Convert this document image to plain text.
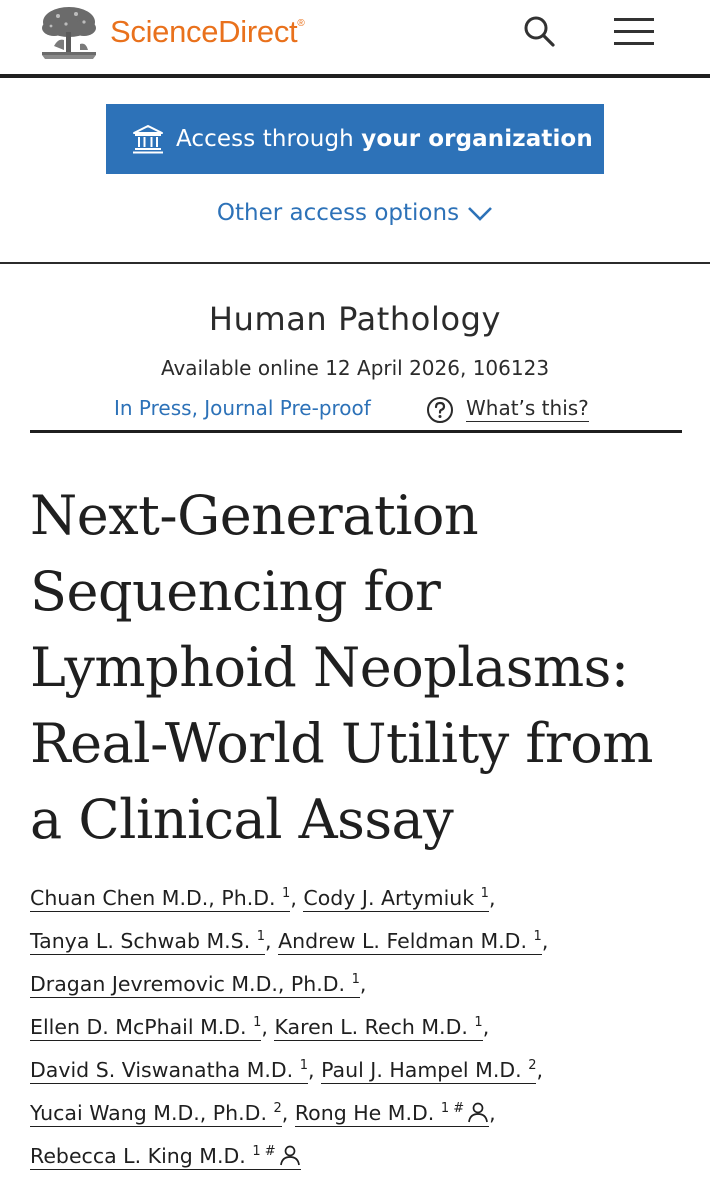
ScienceDirect®
Access through your organization
Other access options
Human Pathology
Available online 12 April 2026, 106123
In Press, Journal Pre-proof	What’s this?
Next-Generation
Sequencing for
Lymphoid Neoplasms:
Real-World Utility from
a Clinical Assay
Chuan Chen M.D., Ph.D. $^1$, Cody J. Artymiuk $^1$,
Tanya L. Schwab M.S. $^1$, Andrew L. Feldman M.D. $^1$,
Dragan Jevremovic M.D., Ph.D. $^1$,
Ellen D. McPhail M.D. $^1$, Karen L. Rech M.D. $^1$,
David S. Viswanatha M.D. $^1$, Paul J. Hampel M.D. $^2$,
Yucai Wang M.D., Ph.D. $^2$, Rong He M.D. $^{1 \#}$ ,
Rebecca L. King M.D. $^{1 \#}$
